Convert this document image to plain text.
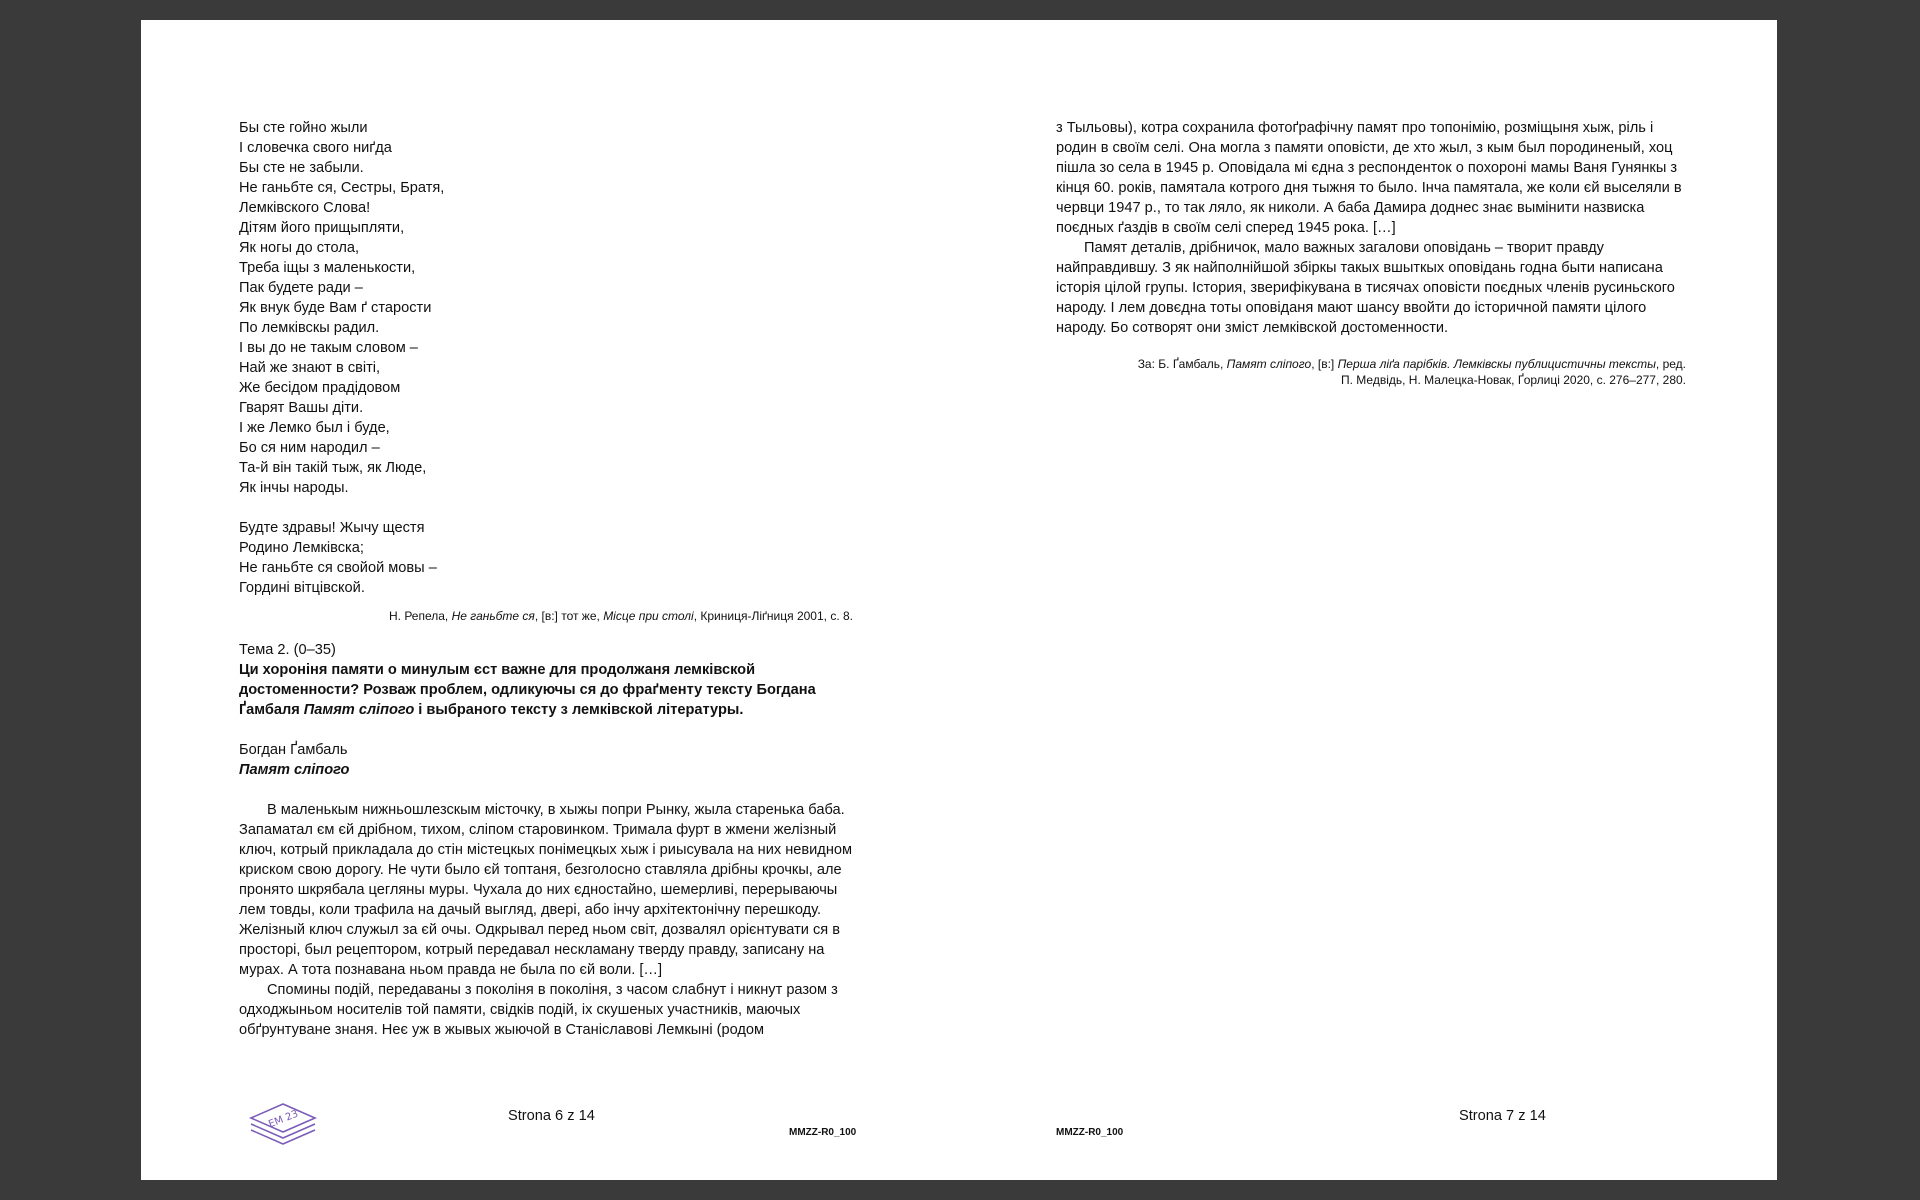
Бы сте гойно жыли
І словечка свого ниґда
Бы сте не забыли.
Не ганьбте ся, Сестры, Братя,
Лемківского Слова!
Дітям його прищыпляти,
Як ногы до стола,
Треба іщы з маленькости,
Пак будете ради –
Як внук буде Вам ґ старости
По лемківскы радил.
І вы до не такым словом –
Най же знают в світі,
Же бесідом прадідовом
Гварят Вашы діти.
І же Лемко был і буде,
Бо ся ним народил –
Та-й він такій тыж, як Люде,
Як інчы народы.
Будте здравы! Жычу щестя
Родино Лемківска;
Не ганьбте ся свойой мовы –
Гордині вітцівской.
Н. Репела, Не ганьбте ся, [в:] тот же, Місце при столі, Криниця-Ліґниця 2001, с. 8.
Тема 2. (0–35)
Ци хороніня памяти о минулым єст важне для продолжаня лемківской достоменности? Розваж проблем, одликуючы ся до фраґменту тексту Богдана Ґамбаля Памят сліпого і выбраного тексту з лемківской літературы.
Богдан Ґамбаль
Памят сліпого
В маленькым нижньошлезскым місточку, в хыжы попри Рынку, жыла старенька баба. Запаматал єм єй дрібном, тихом, сліпом старовинком. Тримала фурт в жмени желізный ключ, котрый прикладала до стін містецкых понімецкых хыж і риысувала на них невидном криском свою дорогу. Не чути было єй топтаня, безголосно ставляла дрібны крочкы, але пронято шкрябала цегляны муры. Чухала до них єдностайно, шемерливі, перерываючы лем товды, коли трафила на дачый выгляд, двері, або інчу архітектонічну перешкоду. Желізный ключ служыл за єй очы. Одкрывал перед ньом світ, дозвалял орієнтувати ся в просторі, был рецептором, котрый передавал нескламану тверду правду, записану на мурах. А тота познавана ньом правда не была по єй воли. […]
Спомины подій, передаваны з поколіня в поколіня, з часом слабнут і никнут разом з одходжыньом носителів той памяти, свідків подій, іх скушеных участників, маючых обґрунтуване знаня. Неє уж в жывых жыючой в Станіславові Лемкыні (родом
EM 23	Strona 6 z 14
MMZZ-R0_100
з Тыльовы), котра сохранила фотоґрафічну памят про топонімію, розміщыня хыж, ріль і родин в своїм селі. Она могла з памяти оповісти, де хто жыл, з кым был породиненый, хоц пішла зо села в 1945 р. Оповідала мі єдна з респонденток о похороні мамы Ваня Гунянкы з кінця 60. років, памятала котрого дня тыжня то было. Інча памятала, же коли єй выселяли в червци 1947 р., то так ляло, як николи. А баба Дамира доднес знає вымінити назвиска поєдных ґаздів в своїм селі сперед 1945 рока. […]
Памят деталів, дрібничок, мало важных загалови оповідань – творит правду найправдившу. З як найполнійшой збіркы такых вшыткых оповідань годна быти написана історія цілой групы. Істория, зверифікувана в тисячах оповісти поєдных членів русиньского народу. І лем довєдна тоты оповіданя мают шансу ввойти до історичной памяти цілого народу. Бо сотворят они зміст лемківской достоменности.
За: Б. Ґамбаль, Памят сліпого, [в:] Перша ліґа парібків. Лемківскы публицистичны тексты, ред.
П. Медвідь, Н. Малецка-Новак, Ґорлиці 2020, с. 276–277, 280.
Strona 7 z 14
MMZZ-R0_100
